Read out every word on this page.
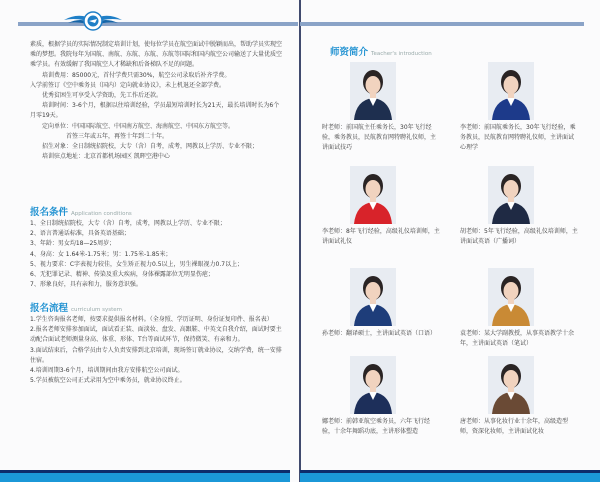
素质，根据学员的实际情况制定培训计划，使每位学员在航空面试中脱颖而出，帮助学员实现空乘的梦想。我院每年为国航、南航、东航、东航、东航等国际和国内航空公司输送了大量优质空乘学员。有效缓解了我国航空人才稀缺和后备梯队不足的问题。

培训费用：85000元，首付学费只需30%，航空公司录取后补齐学费。

入学前签订《空中乘务员（国内）定向就业协议》，未上机退还全部学费。

优秀贫困生可享受入学资助，先工作后还款。

培训时间：3-6个月，根据以往培训经验，学员最短培训时长为21天，最长培训时长为6个月零19天。

定向单位：中国国际航空、中国南方航空、海南航空、中国东方航空等。

首签三年或五年，再签十年到二十年。

招生对象：全日制统招院校，大专（含）自考，成考，网教以上学历、专业不限；

培训驻点地址：北京首都机场园区 凯晖空港中心

报名条件 Application conditions

1、全日制统招院校，大专（含）自考，成考，网教以上学历、专业不限；

2、语言普通话标准，具备英语基础；

3、年龄：男女均18—25周岁；

4、身高：女 1.64米-1.75米；男：1.75米-1.85米；

5、视力要求：C字表视力较佳，女生矫正视力0.5以上，男生裸眼视力0.7以上；

6、无犯罪记录、精神、传染及重大疾病，身体裸露部位无明显伤疤；

7、形象良好，具有亲和力，服务意识强。

报名流程 curriculum system

1.学生咨询报名老师，按要求提供报名材料。（全身照、学历证明、身份证复印件、报名表）

2.报名老师安排参加面试，面试看正装、面淡妆、盘发、高跟鞋、中英文自我介绍，面试时要主动配合面试老师测量身高、体重、形体、T台等面试环节，保持微笑、有亲和力。

3.面试结束后，合格学员由专人负责安排到北京培训，现场签订就业协议，交纳学费，统一安排住宿。

4.培训周期3-6个月，培训期间由我方安排航空公司面试。

5.学员被航空公司正式录用为空中乘务员，就业协议终止。

师资简介 Teacher's introduction
时老师：前国航主任乘务长，30年飞行经验，乘务教员，民航教育网特聘礼仪师，主讲面试技巧
李老师：前国航乘务长，30年飞行经验，乘务教员，民航教育网特聘礼仪师，主讲面试心理学
李老师：8年飞行经验，高级礼仪培训师，主讲面试礼仪
胡老师：5年飞行经验，高级礼仪培训师，主讲面试英语（广播词）
孙老师：翻译硕士，主讲面试英语（口语）	袁老师：某大学副教授，从事英语教学十余年，主讲面试英语（笔试）
娜老师：前韩亚航空乘务员，六年飞行经验，十余年舞蹈功底，主讲形体塑造
唐老师：从事化妆行业十余年，高级造型师，资深化妆师，主讲面试化妆
